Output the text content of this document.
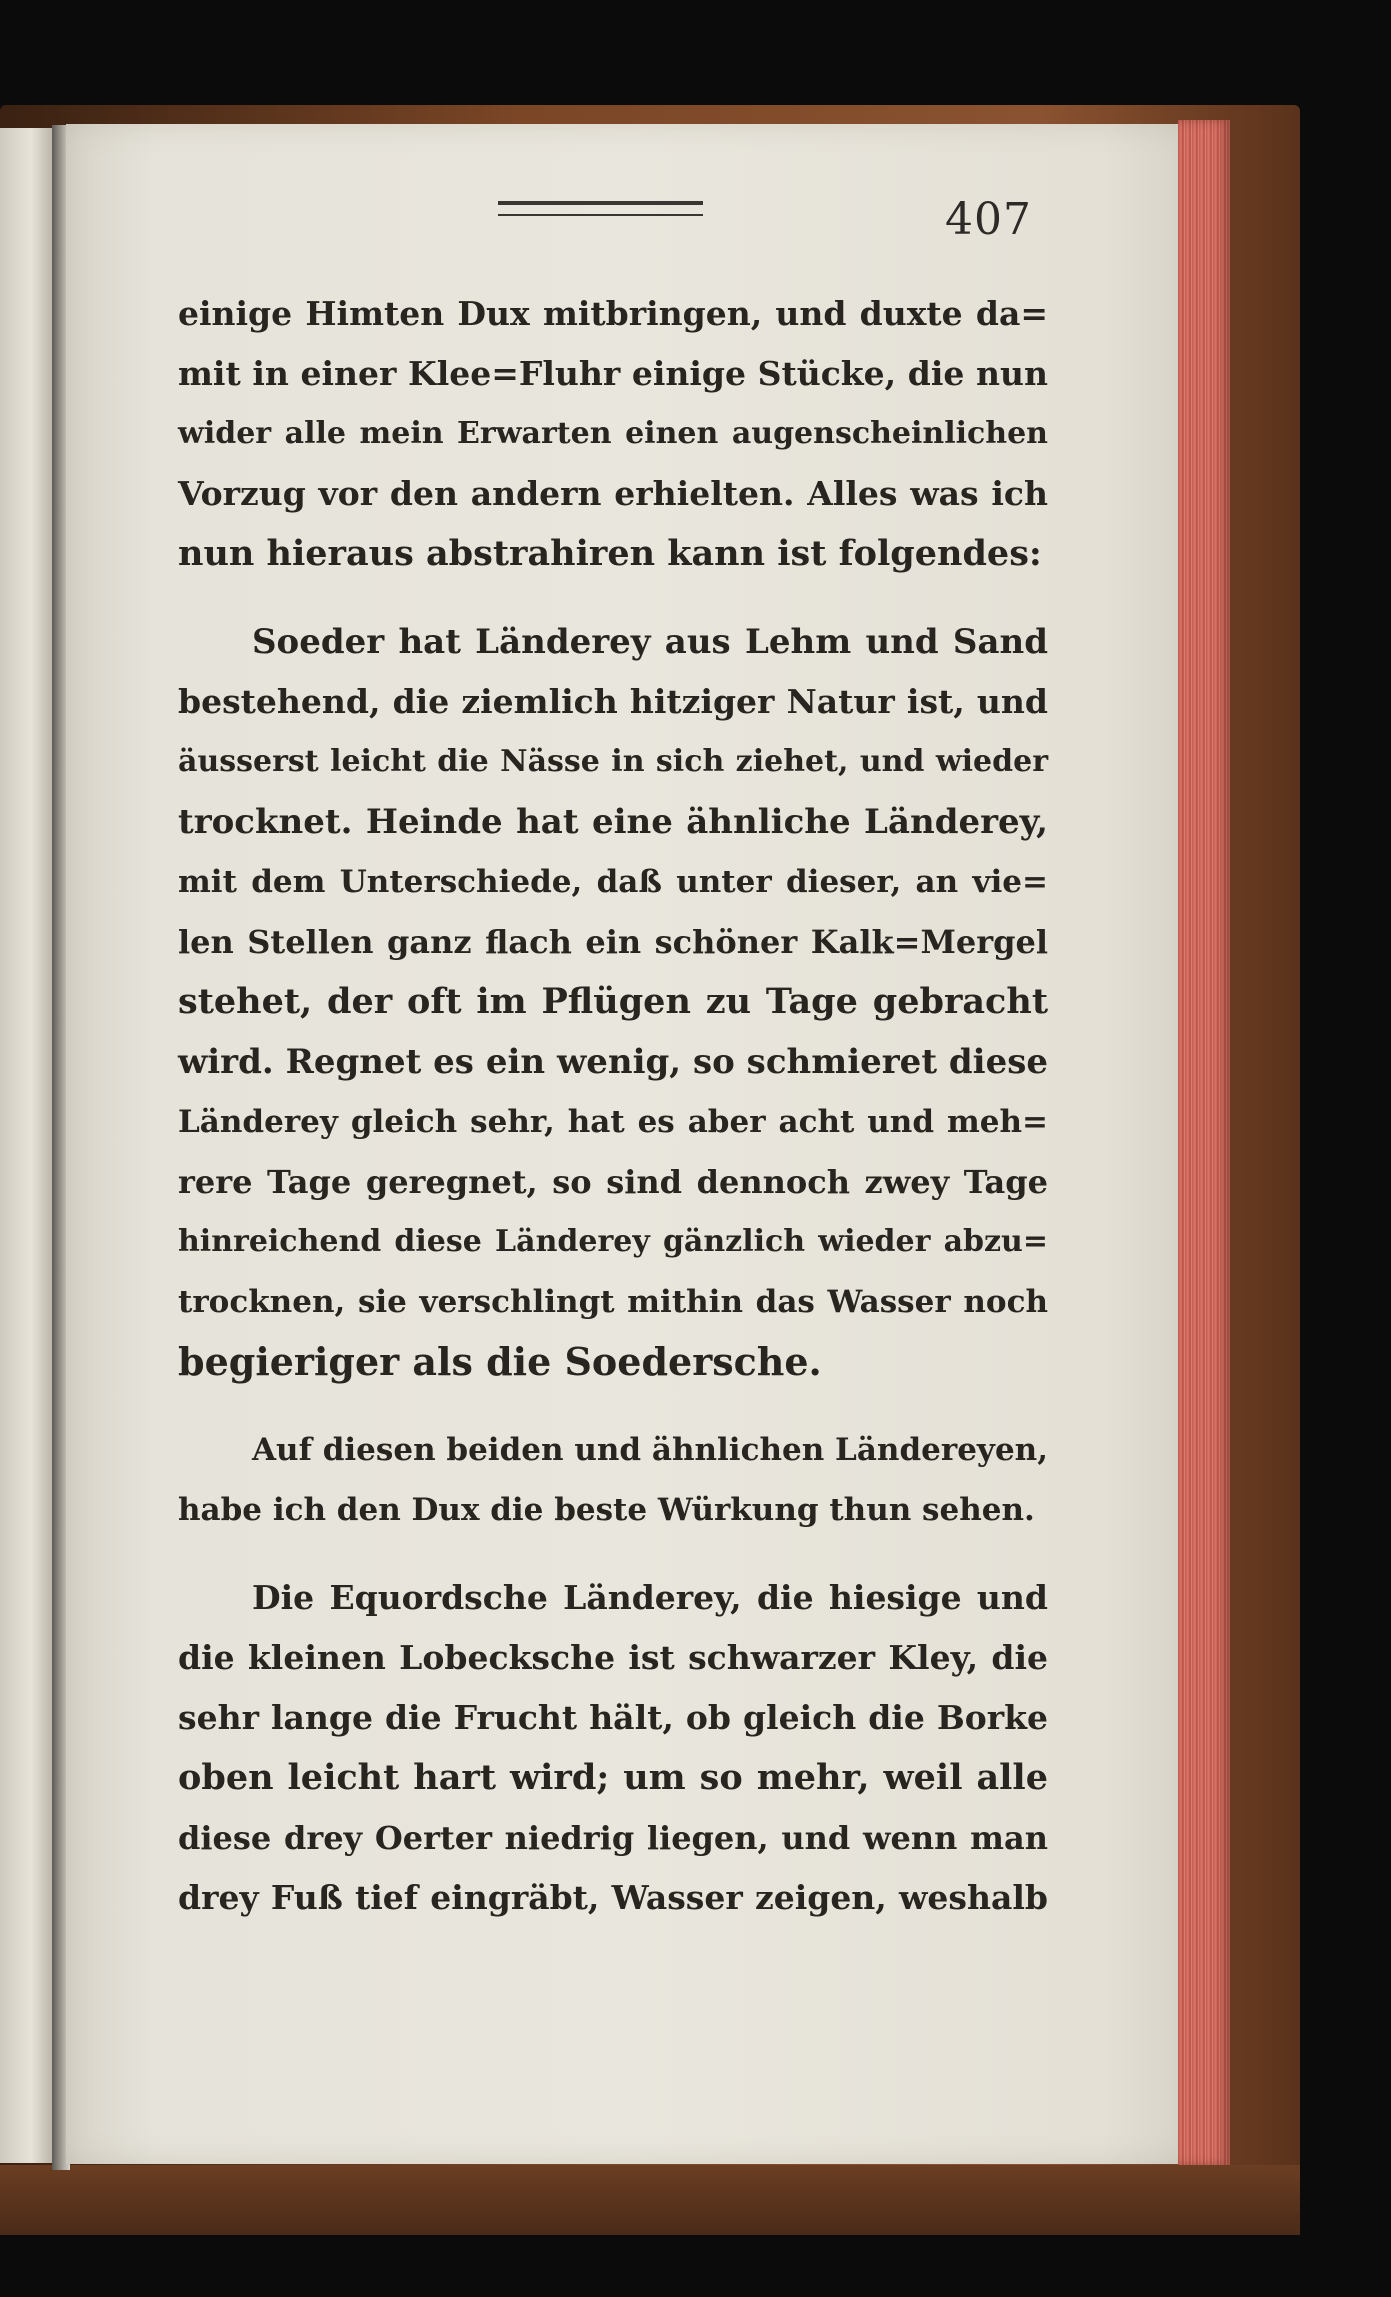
407
einige Himten Dux mitbringen, und duxte da=
mit in einer Klee=Fluhr einige Stücke, die nun
wider alle mein Erwarten einen augenscheinlichen
Vorzug vor den andern erhielten. Alles was ich
nun hieraus abstrahiren kann ist folgendes:
Soeder hat Länderey aus Lehm und Sand
bestehend, die ziemlich hitziger Natur ist, und
äusserst leicht die Nässe in sich ziehet, und wieder
trocknet. Heinde hat eine ähnliche Länderey,
mit dem Unterschiede, daß unter dieser, an vie=
len Stellen ganz flach ein schöner Kalk=Mergel
stehet, der oft im Pflügen zu Tage gebracht
wird. Regnet es ein wenig, so schmieret diese
Länderey gleich sehr, hat es aber acht und meh=
rere Tage geregnet, so sind dennoch zwey Tage
hinreichend diese Länderey gänzlich wieder abzu=
trocknen, sie verschlingt mithin das Wasser noch
begieriger als die Soedersche.
Auf diesen beiden und ähnlichen Ländereyen,
habe ich den Dux die beste Würkung thun sehen.
Die Equordsche Länderey, die hiesige und
die kleinen Lobecksche ist schwarzer Kley, die
sehr lange die Frucht hält, ob gleich die Borke
oben leicht hart wird; um so mehr, weil alle
diese drey Oerter niedrig liegen, und wenn man
drey Fuß tief eingräbt, Wasser zeigen, weshalb
